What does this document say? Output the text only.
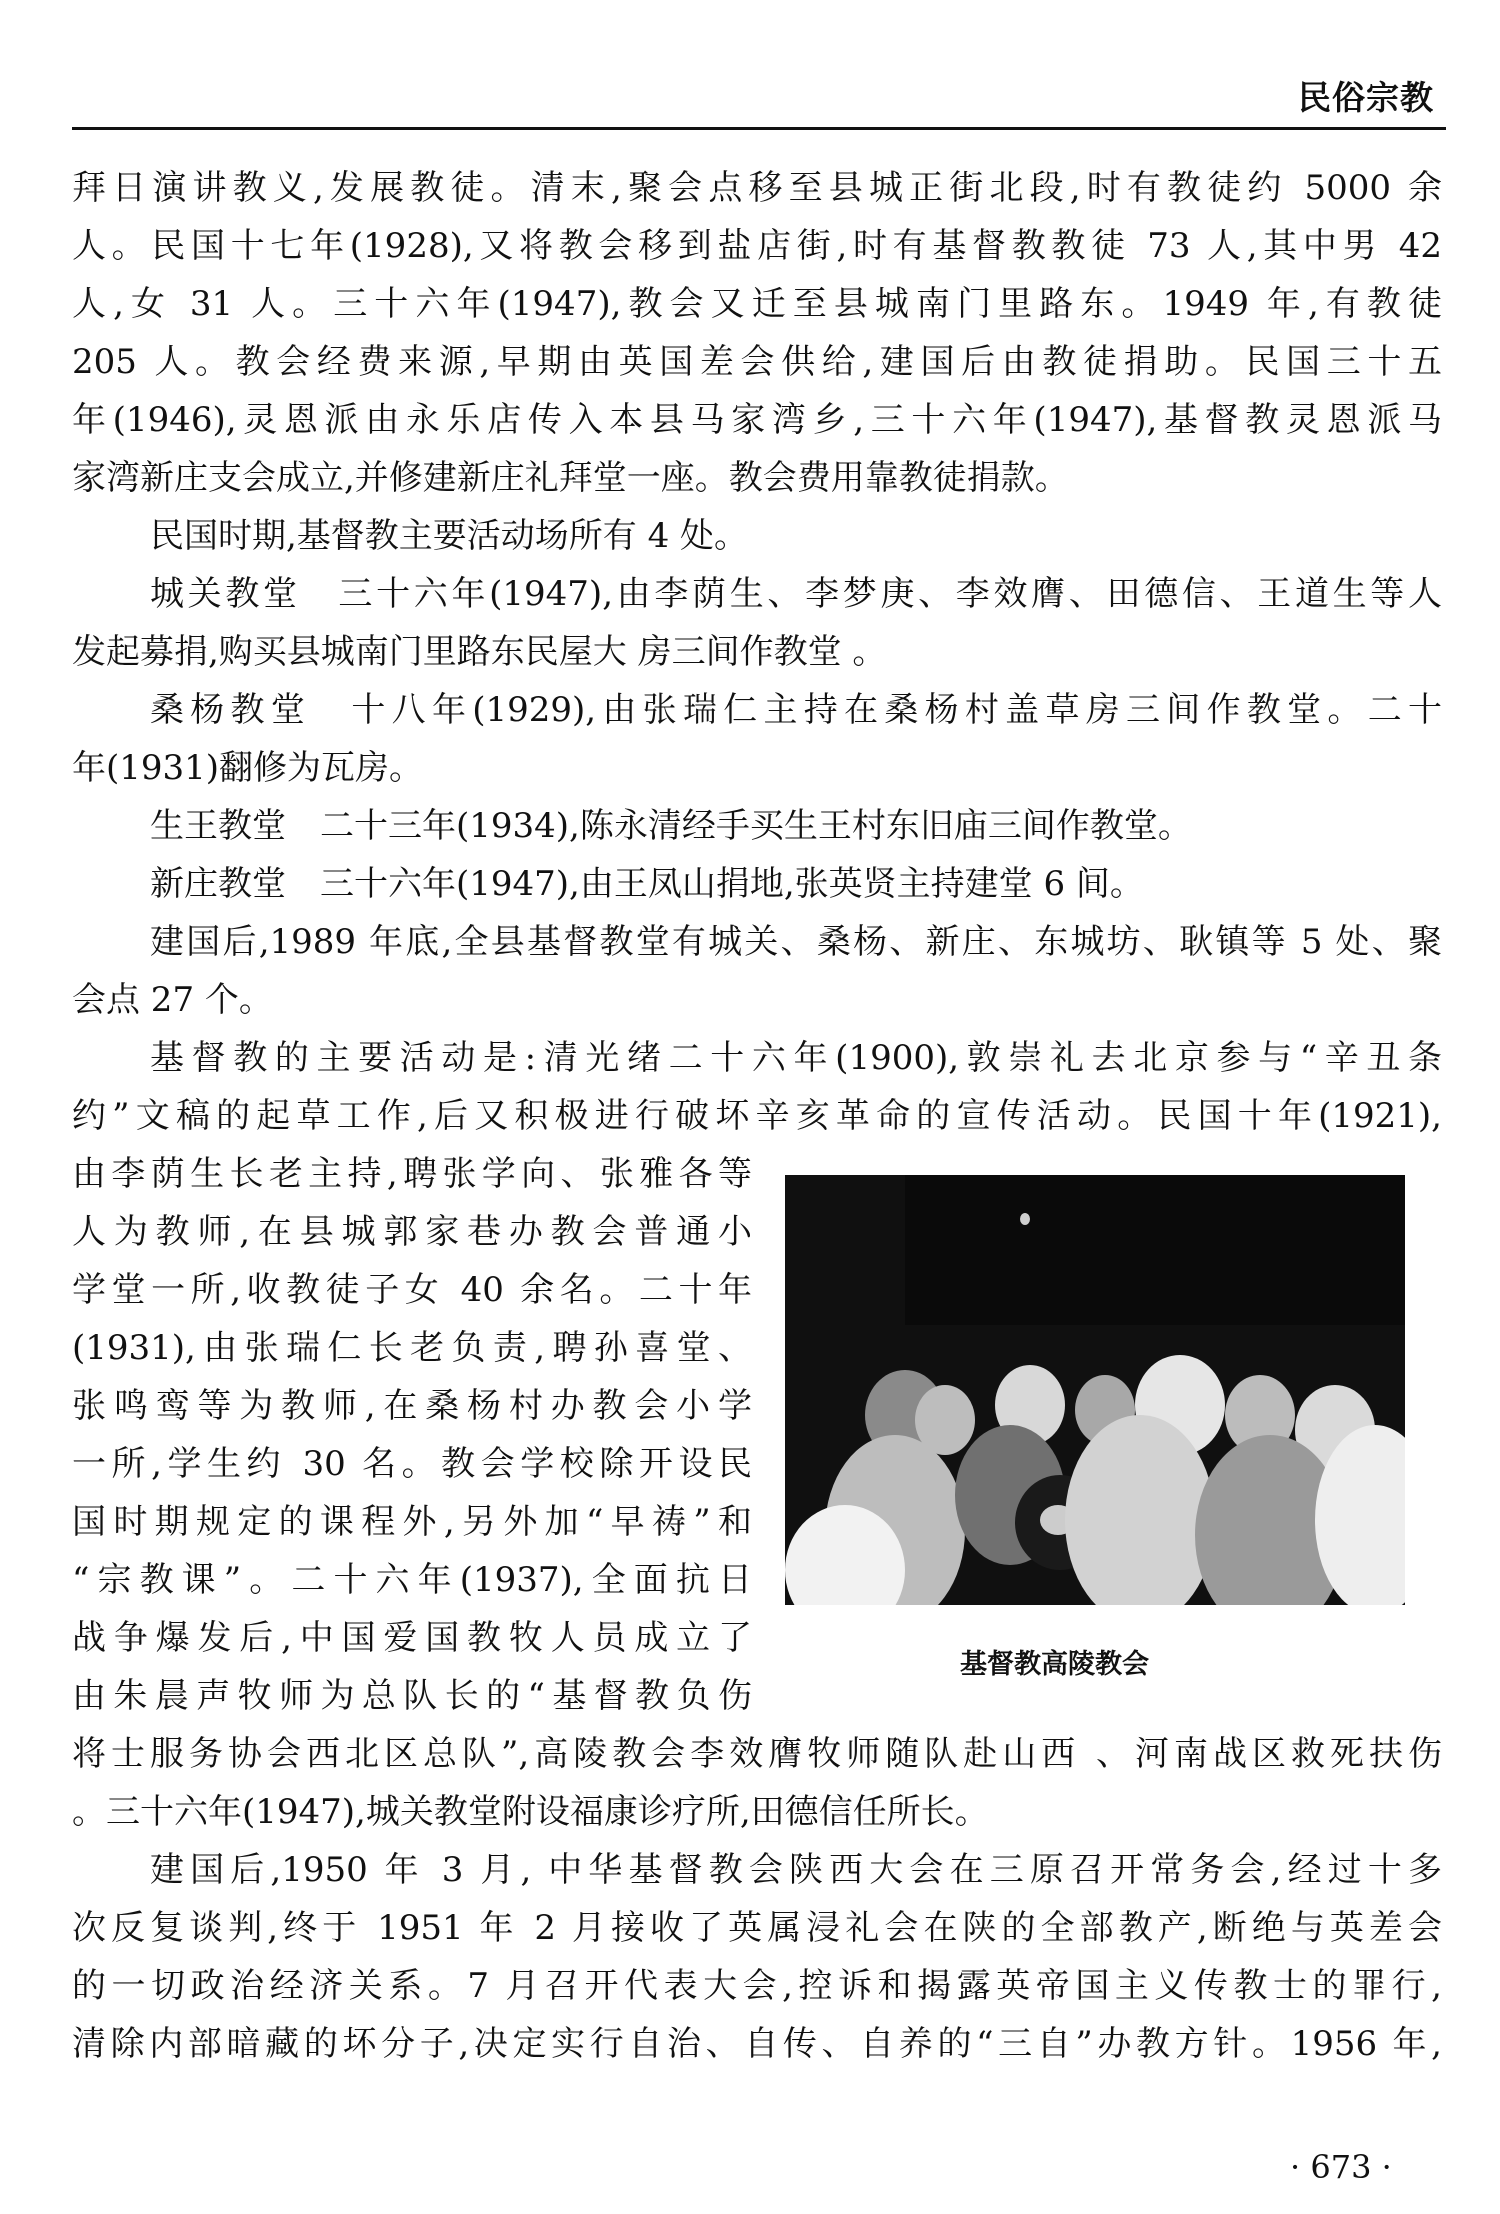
民俗宗教
拜日演讲教义,发展教徒。清末,聚会点移至县城正街北段,时有教徒约 5000 余
人。民国十七年(1928),又将教会移到盐店街,时有基督教教徒 73 人,其中男 42
人,女 31 人。三十六年(1947),教会又迁至县城南门里路东。1949 年,有教徒
205 人。教会经费来源,早期由英国差会供给,建国后由教徒捐助。民国三十五
年(1946),灵恩派由永乐店传入本县马家湾乡,三十六年(1947),基督教灵恩派马
家湾新庄支会成立,并修建新庄礼拜堂一座。教会费用靠教徒捐款。
民国时期,基督教主要活动场所有 4 处。
城关教堂　三十六年(1947),由李荫生、李梦庚、李效膺、田德信、王道生等人
发起募捐,购买县城南门里路东民屋大 房三间作教堂 。
桑杨教堂　十八年(1929),由张瑞仁主持在桑杨村盖草房三间作教堂。二十
年(1931)翻修为瓦房。
生王教堂　二十三年(1934),陈永清经手买生王村东旧庙三间作教堂。
新庄教堂　三十六年(1947),由王凤山捐地,张英贤主持建堂 6 间。
建国后,1989 年底,全县基督教堂有城关、桑杨、新庄、东城坊、耿镇等 5 处、聚
会点 27 个。
基督教的主要活动是:清光绪二十六年(1900),敦崇礼去北京参与“辛丑条
约”文稿的起草工作,后又积极进行破坏辛亥革命的宣传活动。民国十年(1921),
由李荫生长老主持,聘张学向、张雅各等
人为教师,在县城郭家巷办教会普通小
学堂一所,收教徒子女 40 余名。二十年
(1931),由张瑞仁长老负责,聘孙喜堂、
张鸣鸾等为教师,在桑杨村办教会小学
一所,学生约 30 名。教会学校除开设民
国时期规定的课程外,另外加“早祷”和
“宗教课”。二十六年(1937),全面抗日
战争爆发后,中国爱国教牧人员成立了
由朱晨声牧师为总队长的“基督教负伤
将士服务协会西北区总队”,高陵教会李效膺牧师随队赴山西 、河南战区救死扶伤
。三十六年(1947),城关教堂附设福康诊疗所,田德信任所长。
建国后,1950 年 3 月, 中华基督教会陕西大会在三原召开常务会,经过十多
次反复谈判,终于 1951 年 2 月接收了英属浸礼会在陕的全部教产,断绝与英差会
的一切政治经济关系。7 月召开代表大会,控诉和揭露英帝国主义传教士的罪行,
清除内部暗藏的坏分子,决定实行自治、自传、自养的“三自”办教方针。1956 年,
基督教高陵教会
· 673 ·
